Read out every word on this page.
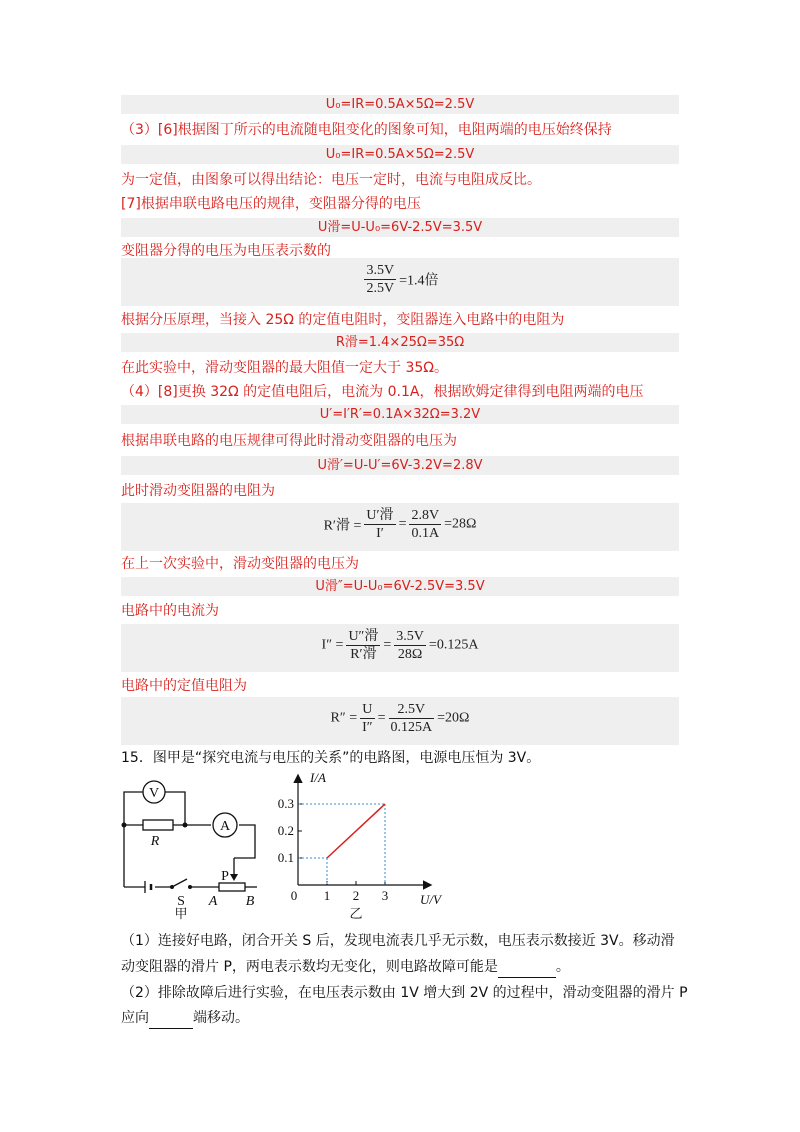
U₀=IR=0.5A×5Ω=2.5V
（3）[6]根据图丁所示的电流随电阻变化的图象可知，电阻两端的电压始终保持
U₀=IR=0.5A×5Ω=2.5V
为一定值，由图象可以得出结论：电压一定时，电流与电阻成反比。
[7]根据串联电路电压的规律，变阻器分得的电压
U滑=U-U₀=6V-2.5V=3.5V
变阻器分得的电压为电压表示数的
$\frac{3.5V}{2.5V} =1.4$倍
根据分压原理，当接入 25Ω 的定值电阻时，变阻器连入电路中的电阻为
R滑=1.4×25Ω=35Ω
在此实验中，滑动变阻器的最大阻值一定大于 35Ω。
（4）[8]更换 32Ω 的定值电阻后，电流为 0.1A，根据欧姆定律得到电阻两端的电压
U′=I′R′=0.1A×32Ω=3.2V
根据串联电路的电压规律可得此时滑动变阻器的电压为
U滑′=U-U′=6V-3.2V=2.8V
此时滑动变阻器的电阻为
R′滑 = $\frac{\text{U′滑}}{I'} = \frac{2.8V}{0.1A} =28\Omega$
在上一次实验中，滑动变阻器的电压为
U滑″=U-U₀=6V-2.5V=3.5V
电路中的电流为
$I'' = \frac{\text{U″滑}}{\text{R′滑}} = \frac{3.5V}{28\Omega} =0.125A$
电路中的定值电阻为
$R'' = \frac{U}{I''} = \frac{2.5V}{0.125A} =20\Omega$
15．图甲是“探究电流与电压的关系”的电路图，电源电压恒为 3V。
V
A
R
P
S A B
甲
1 2 3
0.1
0.2
0.3
I/A
U/V
0
乙
（1）连接好电路，闭合开关 S 后，发现电流表几乎无示数，电压表示数接近 3V。移动滑
动变阻器的滑片 P，两电表示数均无变化，则电路故障可能是	。
（2）排除故障后进行实验，在电压表示数由 1V 增大到 2V 的过程中，滑动变阻器的滑片 P
应向	端移动。
